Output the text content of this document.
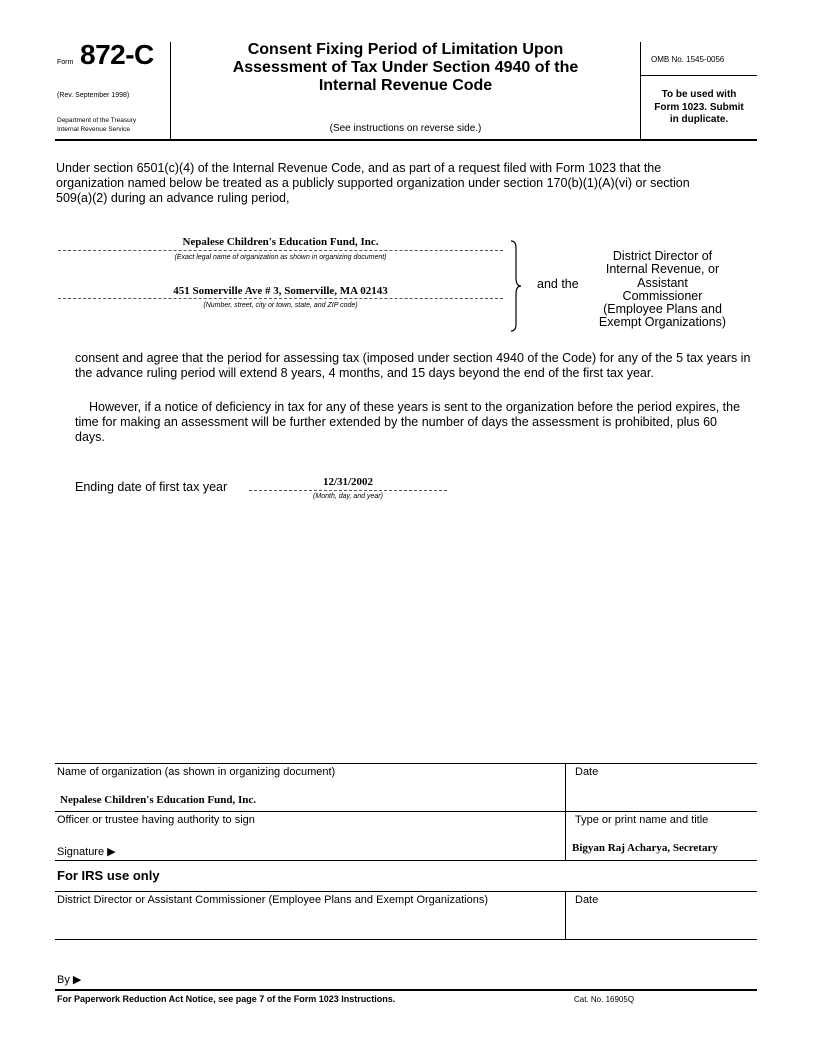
Form 872-C
(Rev. September 1998)
Department of the Treasury
Internal Revenue Service
Consent Fixing Period of Limitation Upon
Assessment of Tax Under Section 4940 of the
Internal Revenue Code
(See instructions on reverse side.)
OMB No. 1545-0056
To be used with
Form 1023. Submit
in duplicate.

Under section 6501(c)(4) of the Internal Revenue Code, and as part of a request filed with Form 1023 that the organization named below be treated as a publicly supported organization under section 170(b)(1)(A)(vi) or section 509(a)(2) during an advance ruling period,

Nepalese Children's Education Fund, Inc.
(Exact legal name of organization as shown in organizing document)
451 Somerville Ave # 3, Somerville, MA 02143
(Number, street, city or town, state, and ZIP code)
and the
District Director of
Internal Revenue, or
Assistant
Commissioner
(Employee Plans and
Exempt Organizations)

consent and agree that the period for assessing tax (imposed under section 4940 of the Code) for any of the 5 tax years in the advance ruling period will extend 8 years, 4 months, and 15 days beyond the end of the first tax year.

However, if a notice of deficiency in tax for any of these years is sent to the organization before the period expires, the time for making an assessment will be further extended by the number of days the assessment is prohibited, plus 60 days.

Ending date of first tax year	12/31/2002
(Month, day, and year)
Name of organization (as shown in organizing document)
Nepalese Children's Education Fund, Inc.
Date
Officer or trustee having authority to sign
Signature ▶
Type or print name and title
Bigyan Raj Acharya, Secretary
For IRS use only
District Director or Assistant Commissioner (Employee Plans and Exempt Organizations)	Date
By ▶
For Paperwork Reduction Act Notice, see page 7 of the Form 1023 Instructions.	Cat. No. 16905Q
